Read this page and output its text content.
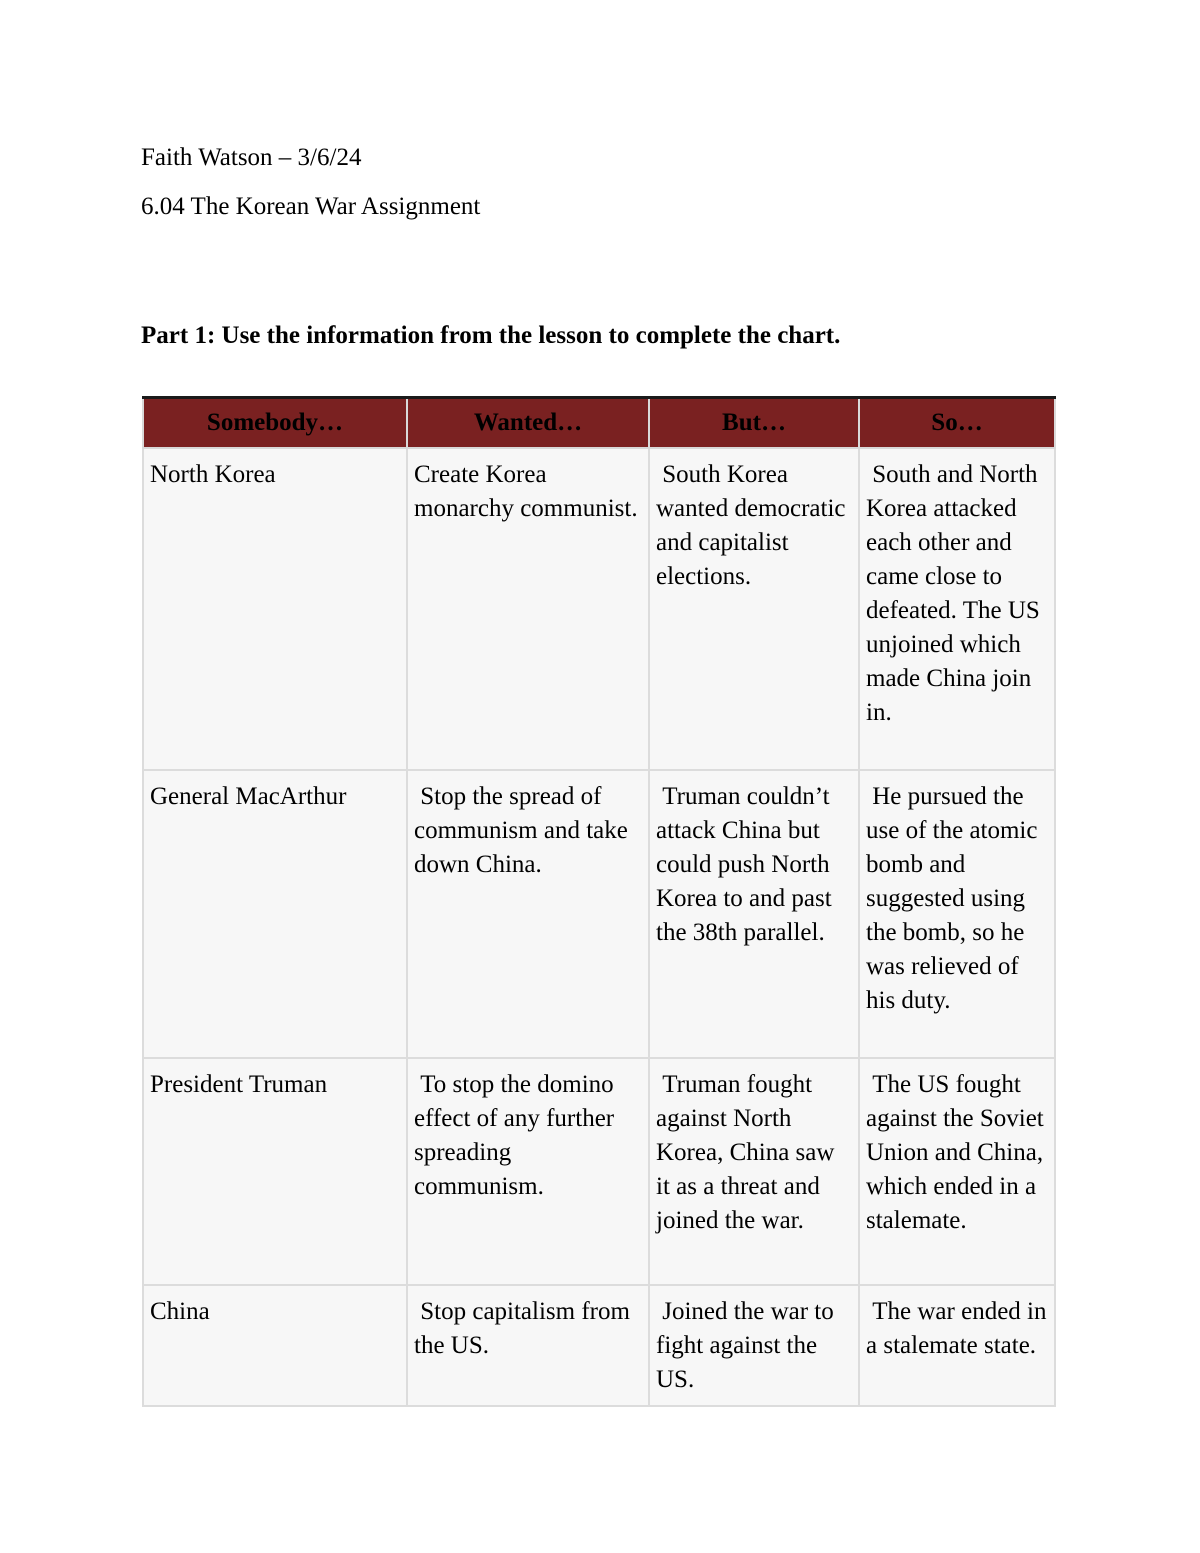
Faith Watson – 3/6/24
6.04 The Korean War Assignment
Part 1: Use the information from the lesson to complete the chart.
Somebody…	Wanted…	But…	So…
North Korea	Create Korea monarchy communist.	South Korea wanted democratic and capitalist elections.	South and North Korea attacked each other and came close to defeated. The US unjoined which made China join in.
General MacArthur	Stop the spread of communism and take down China.	Truman couldn’t attack China but could push North Korea to and past the 38th parallel.	He pursued the use of the atomic bomb and suggested using the bomb, so he was relieved of his duty.
President Truman	To stop the domino effect of any further spreading communism.	Truman fought against North Korea, China saw it as a threat and joined the war.	The US fought against the Soviet Union and China, which ended in a stalemate.
China	Stop capitalism from the US.	Joined the war to fight against the US.	The war ended in a stalemate state.
